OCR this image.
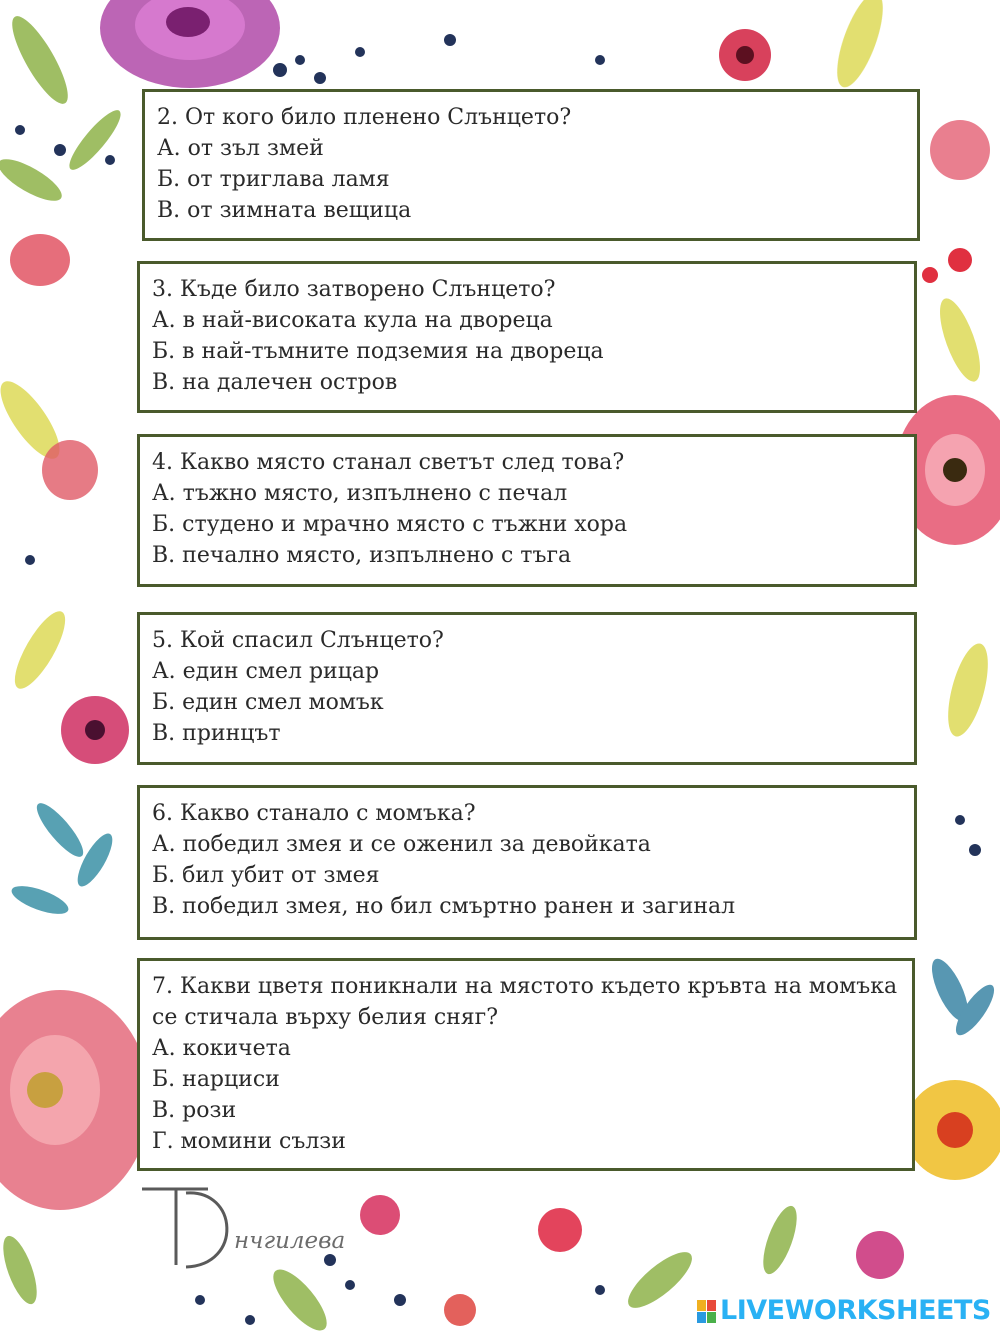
2. От кого било пленено Слънцето?
А. от зъл змей
Б. от триглава ламя
В. от зимната вещица
3. Къде било затворено Слънцето?
А. в най-високата кула на двореца
Б. в най-тъмните подземия на двореца
В. на далечен остров
4. Какво място станал светът след това?
А. тъжно място, изпълнено с печал
Б. студено и мрачно място с тъжни хора
В. печално място, изпълнено с тъга
5. Кой спасил Слънцето?
А. един смел рицар
Б. един смел момък
В. принцът
6. Какво станало с момъка?
А. победил змея и се оженил за девойката
Б. бил убит от змея
В. победил змея, но бил смъртно ранен и загинал
7. Какви цветя поникнали на мястото където кръвта на момъка се стичала върху белия сняг?
А. кокичета
Б. нарциси
В. рози
Г. момини сълзи
нчгилева
LIVEWORKSHEETS
